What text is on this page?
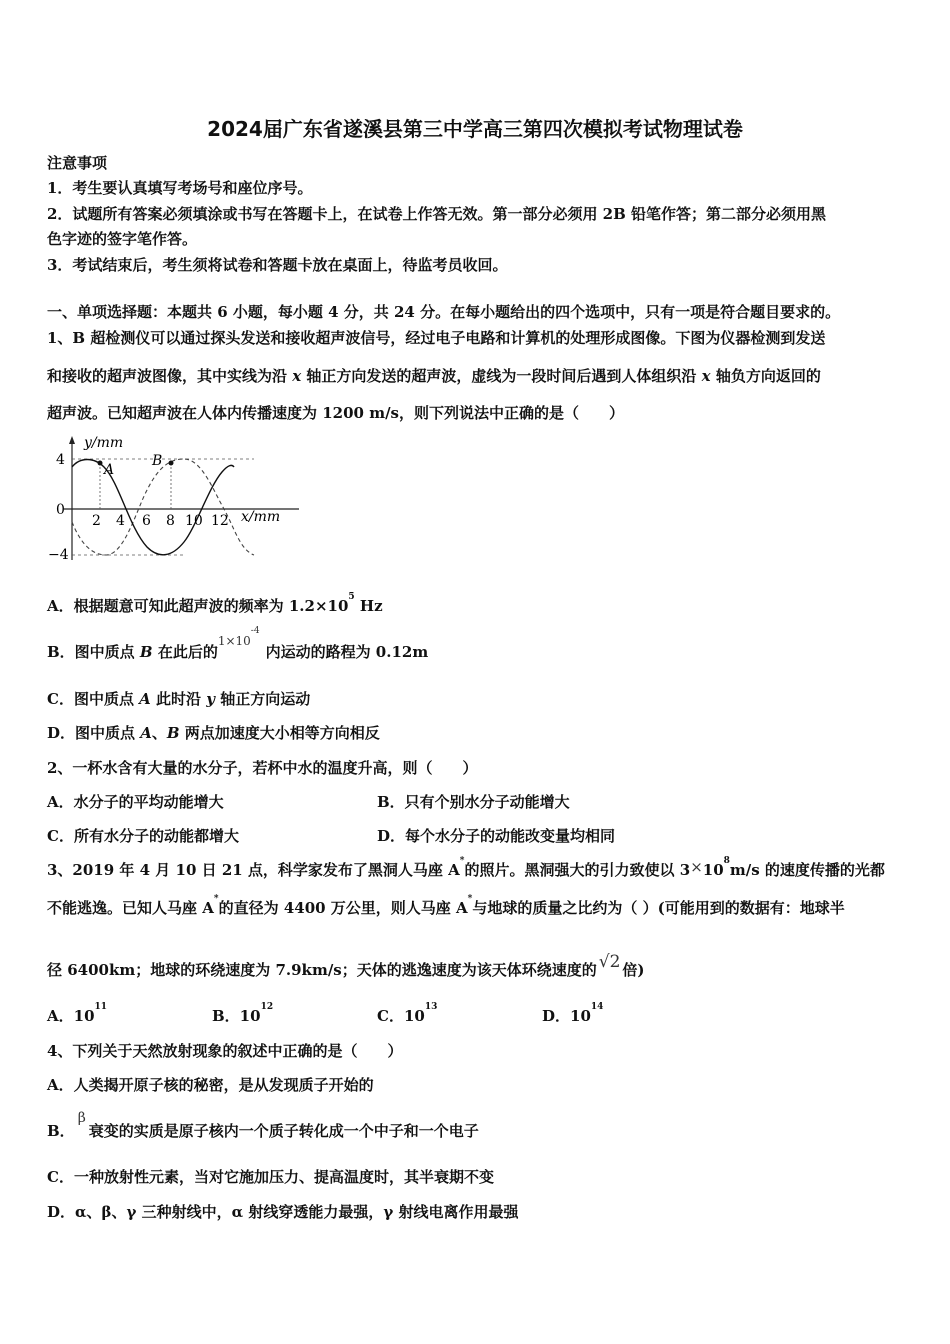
2024届广东省遂溪县第三中学高三第四次模拟考试物理试卷
注意事项
1．考生要认真填写考场号和座位序号。
2．试题所有答案必须填涂或书写在答题卡上，在试卷上作答无效。第一部分必须用 2B 铅笔作答；第二部分必须用黑
色字迹的签字笔作答。
3．考试结束后，考生须将试卷和答题卡放在桌面上，待监考员收回。
一、单项选择题：本题共 6 小题，每小题 4 分，共 24 分。在每小题给出的四个选项中，只有一项是符合题目要求的。
1、B 超检测仪可以通过探头发送和接收超声波信号，经过电子电路和计算机的处理形成图像。下图为仪器检测到发送
和接收的超声波图像，其中实线为沿 x 轴正方向发送的超声波，虚线为一段时间后遇到人体组织沿 x 轴负方向返回的
超声波。已知超声波在人体内传播速度为 1200 m/s，则下列说法中正确的是（　　）
A
B
y/mm
x/mm
4
0
−4
2 4 6 8 10 12
A．根据题意可知此超声波的频率为 $1.2\times 10^5$ Hz
B．图中质点 B 在此后的$^{1\times 10^{-4}}$内运动的路程为 0.12m
C．图中质点 A 此时沿 y 轴正方向运动
D．图中质点 A、B 两点加速度大小相等方向相反
2、一杯水含有大量的水分子，若杯中水的温度升高，则（　　）
A．水分子的平均动能增大	B．只有个别水分子动能增大
C．所有水分子的动能都增大	D．每个水分子的动能改变量均相同
3、2019 年 4 月 10 日 21 点，科学家发布了黑洞人马座 A*的照片。黑洞强大的引力致使以 $3\times 10^8m/s$ 的速度传播的光都
不能逃逸。已知人马座 A*的直径为 4400 万公里，则人马座 A*与地球的质量之比约为（ ）(可能用到的数据有：地球半
径 6400km；地球的环绕速度为 7.9km/s；天体的逃逸速度为该天体环绕速度的 √2 倍)
A．$10^{11}$	B．$10^{12}$	C．$10^{13}$	D．$10^{14}$
4、下列关于天然放射现象的叙述中正确的是（　　）
A．人类揭开原子核的秘密，是从发现质子开始的
B．β衰变的实质是原子核内一个质子转化成一个中子和一个电子
C．一种放射性元素，当对它施加压力、提高温度时，其半衰期不变
D．α、β、γ 三种射线中，α 射线穿透能力最强，γ 射线电离作用最强
